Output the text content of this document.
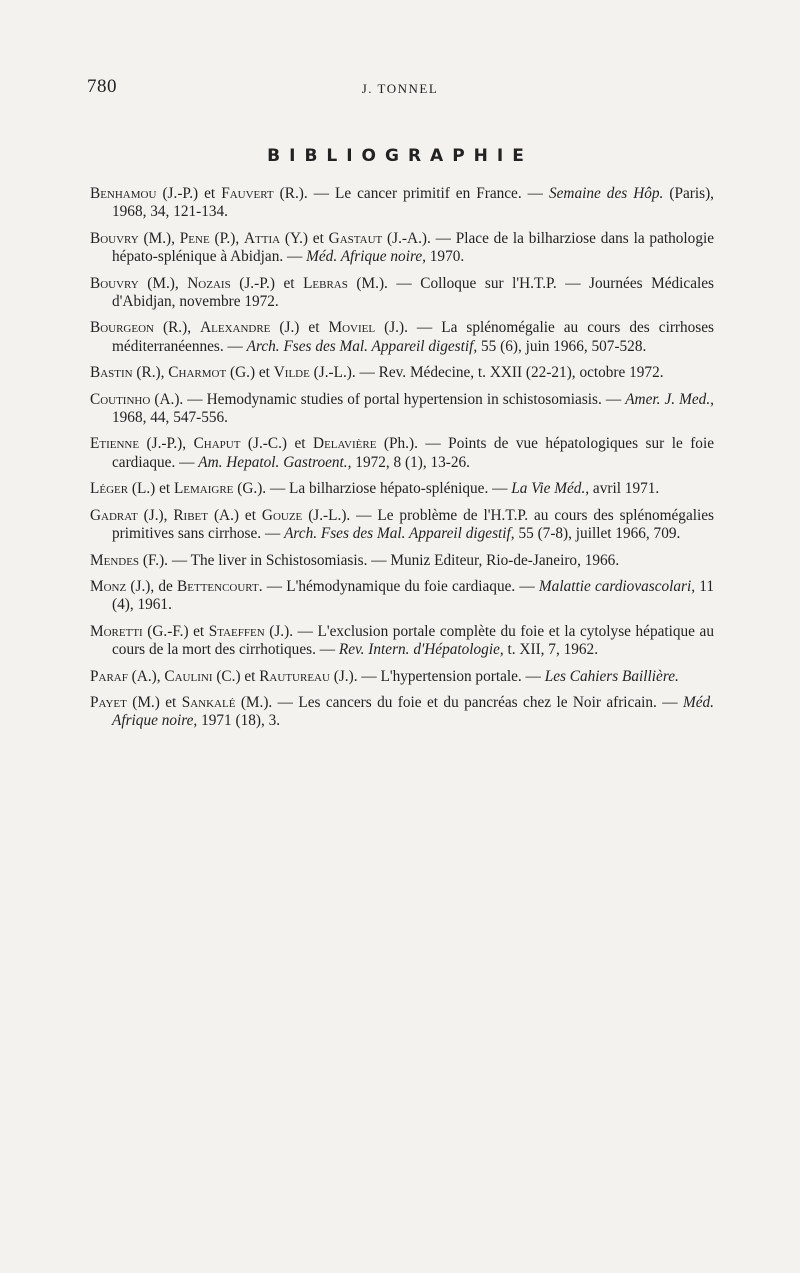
780	J. TONNEL
BIBLIOGRAPHIE

Benhamou (J.-P.) et Fauvert (R.). — Le cancer primitif en France. — Semaine des Hôp. (Paris), 1968, 34, 121-134.

Bouvry (M.), Pene (P.), Attia (Y.) et Gastaut (J.-A.). — Place de la bilharziose dans la pathologie hépato-splénique à Abidjan. — Méd. Afrique noire, 1970.

Bouvry (M.), Nozais (J.-P.) et Lebras (M.). — Colloque sur l'H.T.P. — Journées Médicales d'Abidjan, novembre 1972.

Bourgeon (R.), Alexandre (J.) et Moviel (J.). — La splénomégalie au cours des cirrhoses méditerranéennes. — Arch. Fses des Mal. Appareil digestif, 55 (6), juin 1966, 507-528.

Bastin (R.), Charmot (G.) et Vilde (J.-L.). — Rev. Médecine, t. XXII (22-21), octobre 1972.

Coutinho (A.). — Hemodynamic studies of portal hypertension in schistosomiasis. — Amer. J. Med., 1968, 44, 547-556.

Etienne (J.-P.), Chaput (J.-C.) et Delavière (Ph.). — Points de vue hépatologiques sur le foie cardiaque. — Am. Hepatol. Gastroent., 1972, 8 (1), 13-26.

Léger (L.) et Lemaigre (G.). — La bilharziose hépato-splénique. — La Vie Méd., avril 1971.

Gadrat (J.), Ribet (A.) et Gouze (J.-L.). — Le problème de l'H.T.P. au cours des splénomégalies primitives sans cirrhose. — Arch. Fses des Mal. Appareil digestif, 55 (7-8), juillet 1966, 709.

Mendes (F.). — The liver in Schistosomiasis. — Muniz Editeur, Rio-de-Janeiro, 1966.

Monz (J.), de Bettencourt. — L'hémodynamique du foie cardiaque. — Malattie cardiovascolari, 11 (4), 1961.

Moretti (G.-F.) et Staeffen (J.). — L'exclusion portale complète du foie et la cytolyse hépatique au cours de la mort des cirrhotiques. — Rev. Intern. d'Hépatologie, t. XII, 7, 1962.

Paraf (A.), Caulini (C.) et Rautureau (J.). — L'hypertension portale. — Les Cahiers Baillière.

Payet (M.) et Sankalé (M.). — Les cancers du foie et du pancréas chez le Noir africain. — Méd. Afrique noire, 1971 (18), 3.
